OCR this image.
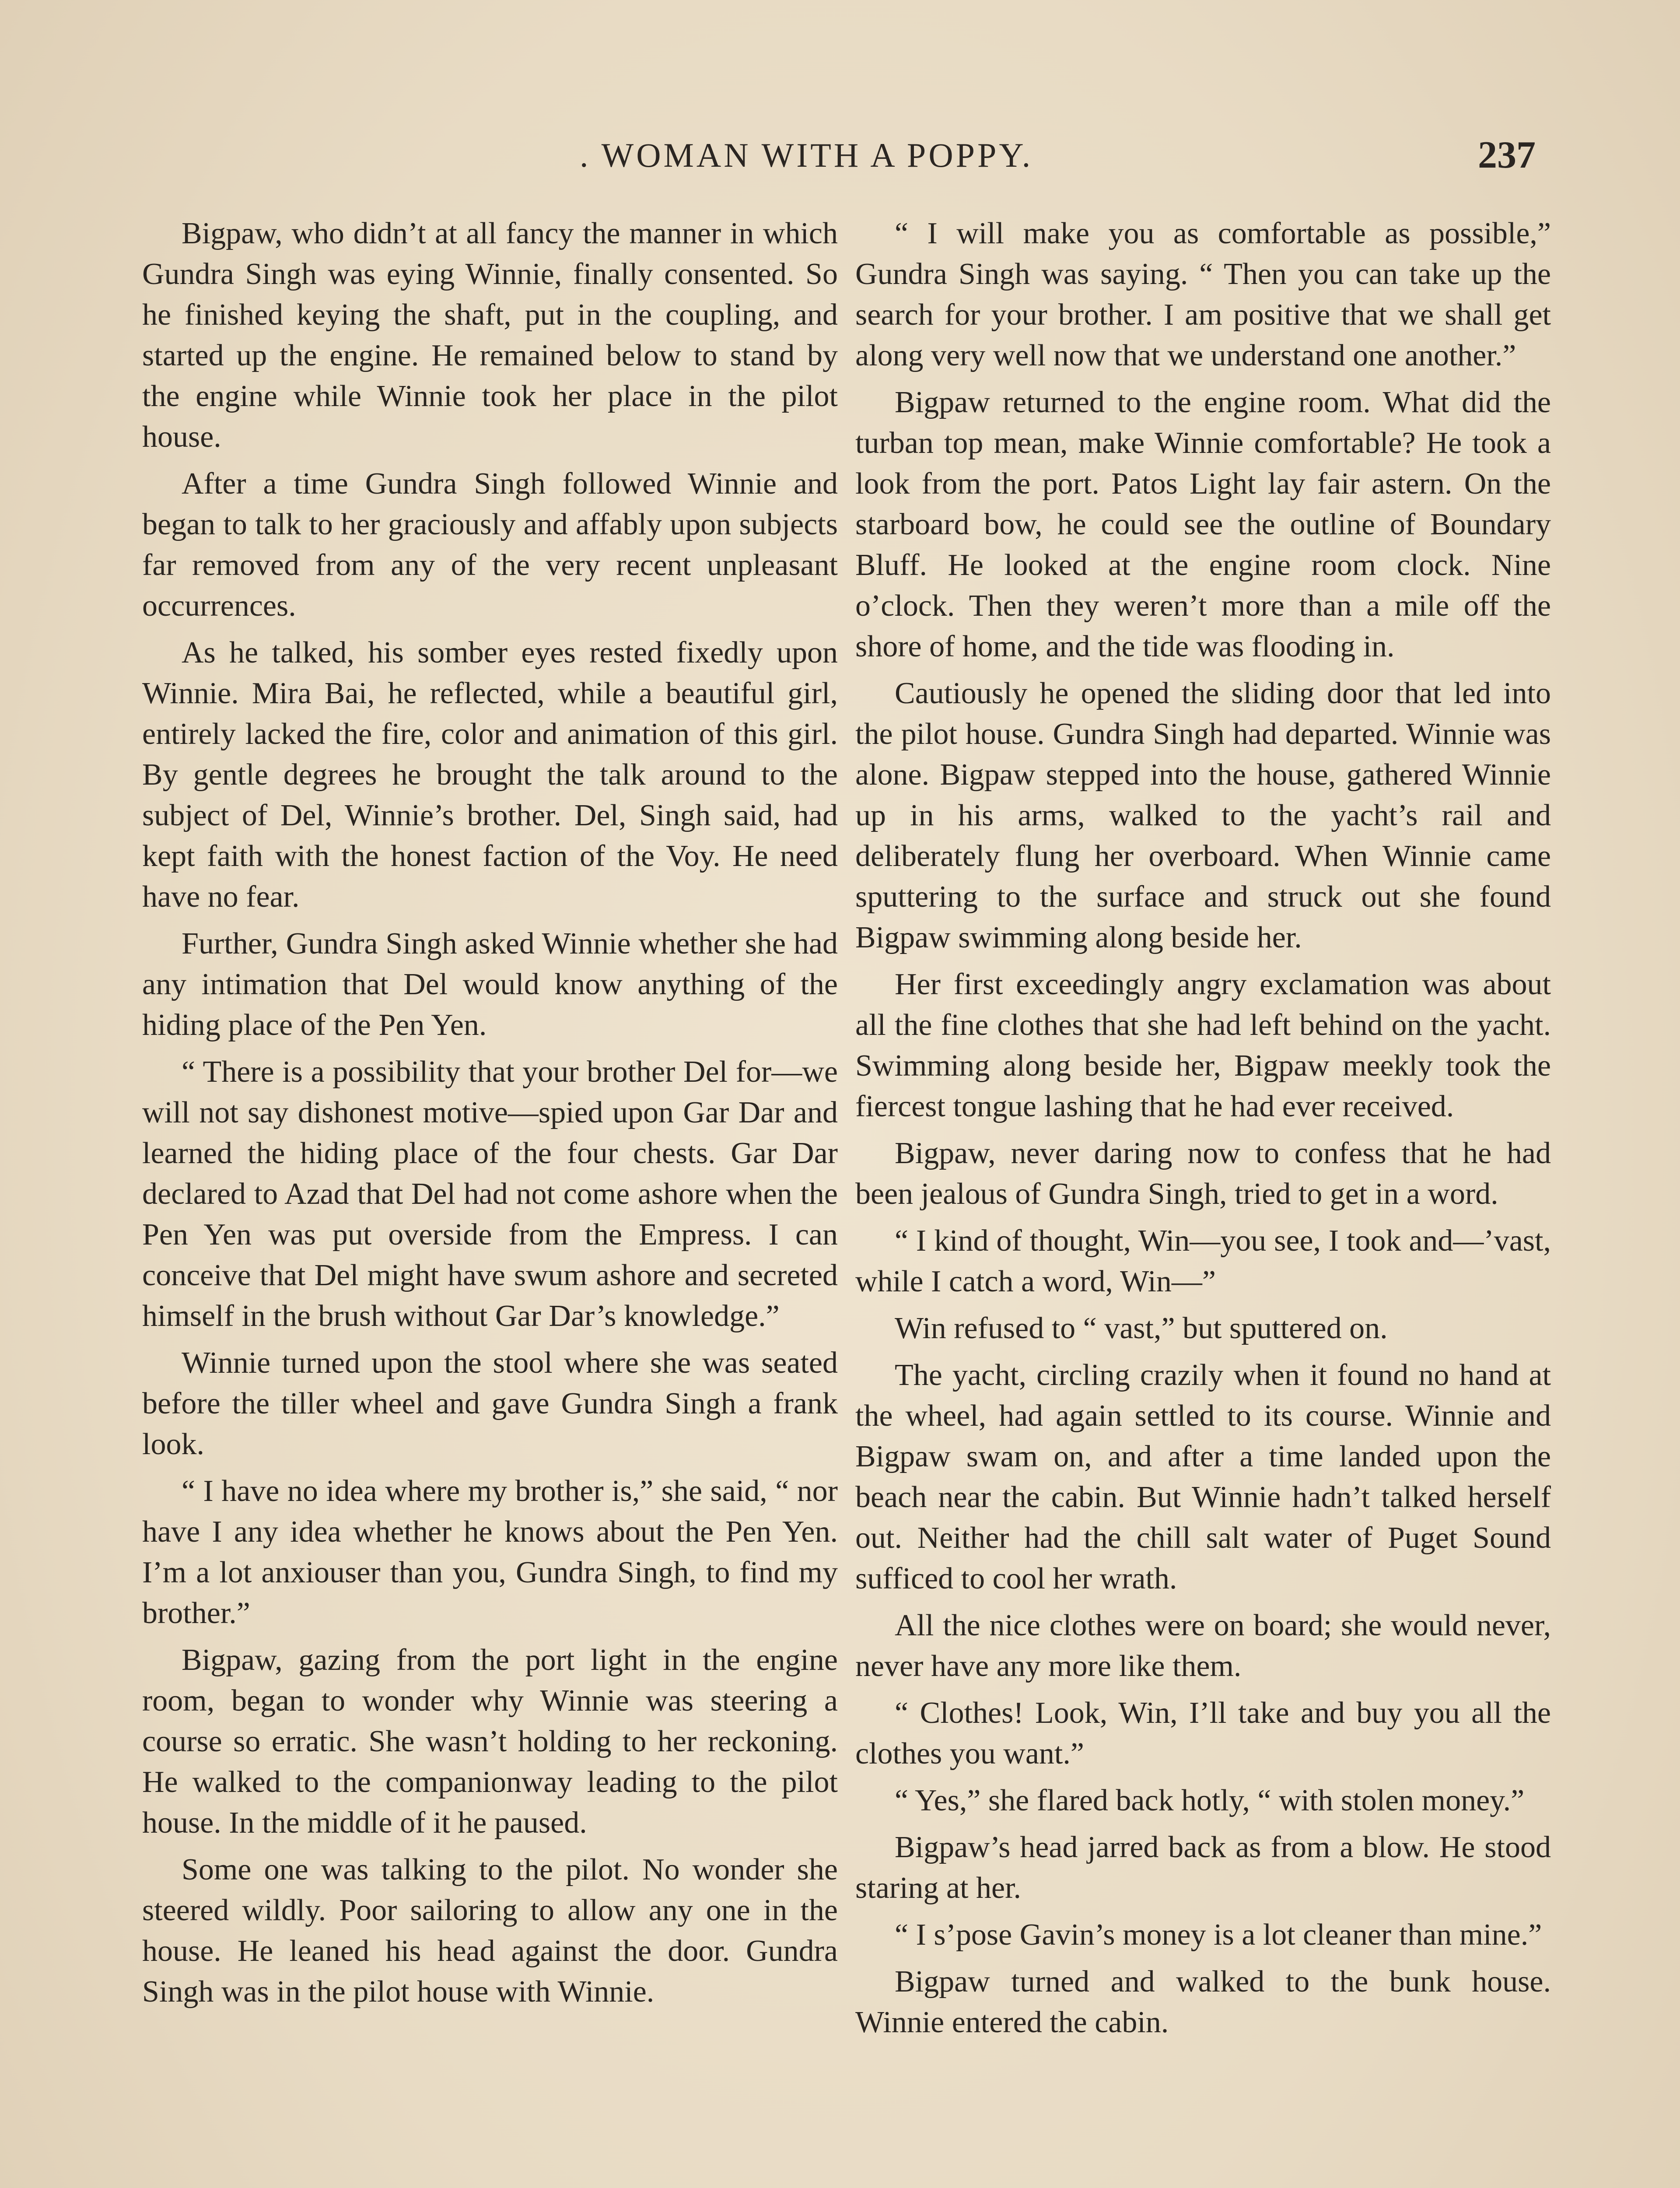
. WOMAN WITH A POPPY.	237

Bigpaw, who didn’t at all fancy the manner in which Gundra Singh was eying Winnie, finally consented. So he finished keying the shaft, put in the coupling, and started up the engine. He remained below to stand by the engine while Winnie took her place in the pilot house.

After a time Gundra Singh followed Winnie and began to talk to her graciously and affably upon subjects far removed from any of the very recent unpleasant occurrences.

As he talked, his somber eyes rested fixedly upon Winnie. Mira Bai, he reflected, while a beautiful girl, entirely lacked the fire, color and animation of this girl. By gentle degrees he brought the talk around to the subject of Del, Winnie’s brother. Del, Singh said, had kept faith with the honest faction of the Voy. He need have no fear.

Further, Gundra Singh asked Winnie whether she had any intimation that Del would know anything of the hiding place of the Pen Yen.

“ There is a possibility that your brother Del for—we will not say dishonest motive—spied upon Gar Dar and learned the hiding place of the four chests. Gar Dar declared to Azad that Del had not come ashore when the Pen Yen was put overside from the Empress. I can conceive that Del might have swum ashore and secreted himself in the brush without Gar Dar’s knowledge.”

Winnie turned upon the stool where she was seated before the tiller wheel and gave Gundra Singh a frank look.

“ I have no idea where my brother is,” she said, “ nor have I any idea whether he knows about the Pen Yen. I’m a lot anxiouser than you, Gundra Singh, to find my brother.”

Bigpaw, gazing from the port light in the engine room, began to wonder why Winnie was steering a course so erratic. She wasn’t holding to her reckoning. He walked to the companionway leading to the pilot house. In the middle of it he paused.

Some one was talking to the pilot. No wonder she steered wildly. Poor sailoring to allow any one in the house. He leaned his head against the door. Gundra Singh was in the pilot house with Winnie.

“ I will make you as comfortable as possible,” Gundra Singh was saying. “ Then you can take up the search for your brother. I am positive that we shall get along very well now that we understand one another.”

Bigpaw returned to the engine room. What did the turban top mean, make Winnie comfortable? He took a look from the port. Patos Light lay fair astern. On the starboard bow, he could see the outline of Boundary Bluff. He looked at the engine room clock. Nine o’clock. Then they weren’t more than a mile off the shore of home, and the tide was flooding in.

Cautiously he opened the sliding door that led into the pilot house. Gundra Singh had departed. Winnie was alone. Bigpaw stepped into the house, gathered Winnie up in his arms, walked to the yacht’s rail and deliberately flung her overboard. When Winnie came sputtering to the surface and struck out she found Bigpaw swimming along beside her.

Her first exceedingly angry exclamation was about all the fine clothes that she had left behind on the yacht. Swimming along beside her, Bigpaw meekly took the fiercest tongue lashing that he had ever received.

Bigpaw, never daring now to confess that he had been jealous of Gundra Singh, tried to get in a word.

“ I kind of thought, Win—you see, I took and—’vast, while I catch a word, Win—”

Win refused to “ vast,” but sputtered on.

The yacht, circling crazily when it found no hand at the wheel, had again settled to its course. Winnie and Bigpaw swam on, and after a time landed upon the beach near the cabin. But Winnie hadn’t talked herself out. Neither had the chill salt water of Puget Sound sufficed to cool her wrath.

All the nice clothes were on board; she would never, never have any more like them.

“ Clothes! Look, Win, I’ll take and buy you all the clothes you want.”

“ Yes,” she flared back hotly, “ with stolen money.”

Bigpaw’s head jarred back as from a blow. He stood staring at her.

“ I s’pose Gavin’s money is a lot cleaner than mine.”

Bigpaw turned and walked to the bunk house. Winnie entered the cabin.
